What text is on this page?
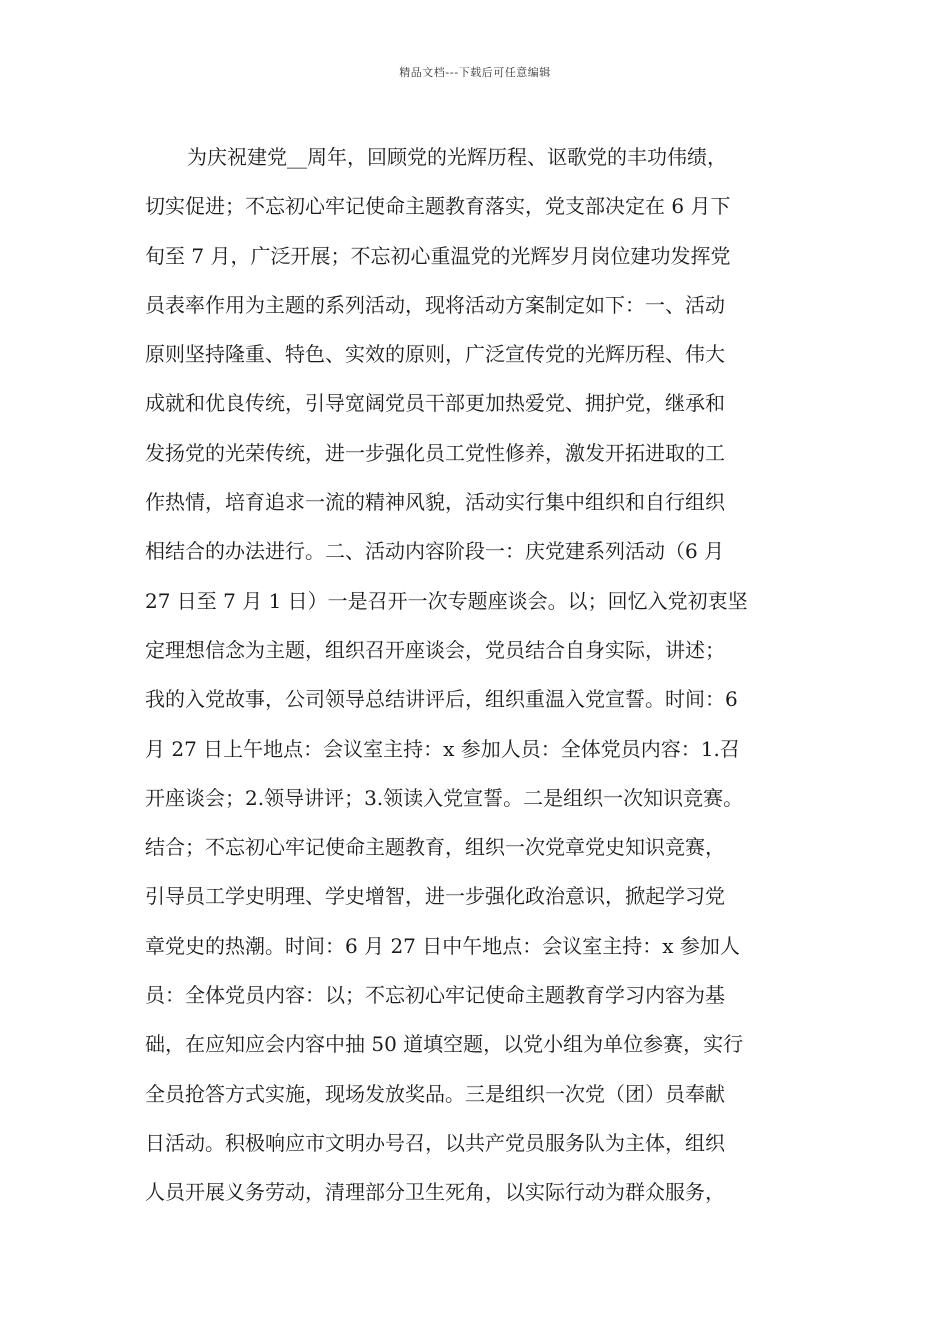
精品文档---下载后可任意编辑
为庆祝建党__周年，回顾党的光辉历程、讴歌党的丰功伟绩，
切实促进；不忘初心牢记使命主题教育落实，党支部决定在 6 月下
旬至 7 月，广泛开展；不忘初心重温党的光辉岁月岗位建功发挥党
员表率作用为主题的系列活动，现将活动方案制定如下：一、活动
原则坚持隆重、特色、实效的原则，广泛宣传党的光辉历程、伟大
成就和优良传统，引导宽阔党员干部更加热爱党、拥护党，继承和
发扬党的光荣传统，进一步强化员工党性修养，激发开拓进取的工
作热情，培育追求一流的精神风貌，活动实行集中组织和自行组织
相结合的办法进行。二、活动内容阶段一：庆党建系列活动（6 月
27 日至 7 月 1 日）一是召开一次专题座谈会。以；回忆入党初衷坚
定理想信念为主题，组织召开座谈会，党员结合自身实际，讲述；
我的入党故事，公司领导总结讲评后，组织重温入党宣誓。时间：6
月 27 日上午地点：会议室主持：x 参加人员：全体党员内容：1.召
开座谈会；2.领导讲评；3.领读入党宣誓。二是组织一次知识竞赛。
结合；不忘初心牢记使命主题教育，组织一次党章党史知识竞赛，
引导员工学史明理、学史增智，进一步强化政治意识，掀起学习党
章党史的热潮。时间：6 月 27 日中午地点：会议室主持：x 参加人
员：全体党员内容：以；不忘初心牢记使命主题教育学习内容为基
础，在应知应会内容中抽 50 道填空题，以党小组为单位参赛，实行
全员抢答方式实施，现场发放奖品。三是组织一次党（团）员奉献
日活动。积极响应市文明办号召，以共产党员服务队为主体，组织
人员开展义务劳动，清理部分卫生死角，以实际行动为群众服务，
